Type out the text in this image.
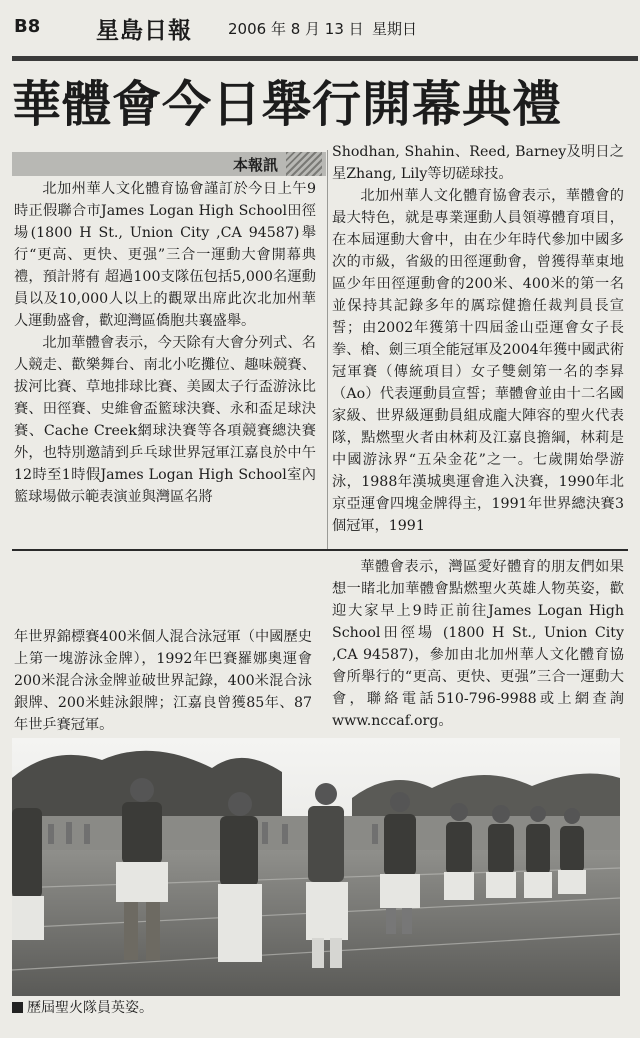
B8 星島日報 2006 年 8 月 13 日 星期日
華體會今日舉行開幕典禮
本報訊

北加州華人文化體育協會謹訂於今日上午9時正假聯合市James Logan High School田徑場(1800 H St., Union City ,CA 94587)舉行“更高、更快、更强”三合一運動大會開幕典禮，預計將有 超過100支隊伍包括5,000名運動員以及10,000人以上的觀眾出席此次北加州華人運動盛會，歡迎灣區僑胞共襄盛舉。

北加華體會表示，今天除有大會分列式、名人競走、歡樂舞台、南北小吃攤位、趣味競賽、拔河比賽、草地排球比賽、美國太子行盃游泳比賽、田徑賽、史維會盃籃球決賽、永和盃足球決賽、Cache Creek網球決賽等各項競賽總決賽外，也特別邀請到乒乓球世界冠軍江嘉良於中午12時至1時假James Logan High School室內籃球場做示範表演並與灣區名將

Shodhan, Shahin、Reed, Barney及明日之星Zhang, Lily等切磋球技。

北加州華人文化體育協會表示，華體會的最大特色，就是專業運動人員領導體育項目，在本屆運動大會中，由在少年時代參加中國多次的市級，省級的田徑運動會，曾獲得華東地區少年田徑運動會的200米、400米的第一名並保持其記錄多年的厲琮健擔任裁判員長宣誓；由2002年獲第十四屆釜山亞運會女子長拳、槍、劍三項全能冠軍及2004年獲中國武術冠軍賽（傳統項目）女子雙劍第一名的李昪（Ao）代表運動員宣誓；華體會並由十二名國家級、世界級運動員組成龐大陣容的聖火代表隊，點燃聖火者由林莉及江嘉良擔綱，林莉是中國游泳界“五朵金花”之一。七歲開始學游泳，1988年漢城奧運會進入決賽，1990年北京亞運會四塊金牌得主，1991年世界總決賽3個冠軍，1991

年世界錦標賽400米個人混合泳冠軍（中國歷史上第一塊游泳金牌），1992年巴賽羅娜奧運會200米混合泳金牌並破世界記錄，400米混合泳銀牌、200米蛙泳銀牌；江嘉良曾獲85年、87年世乒賽冠軍。

華體會表示，灣區愛好體育的朋友們如果想一睹北加華體會點燃聖火英雄人物英姿，歡迎大家早上9時正前往James Logan High School田徑場 (1800 H St., Union City ,CA 94587)，參加由北加州華人文化體育協會所舉行的“更高、更快、更强”三合一運動大會，聯絡電話510-796-9988或上網查詢www.nccaf.org。

歷屆聖火隊員英姿。
